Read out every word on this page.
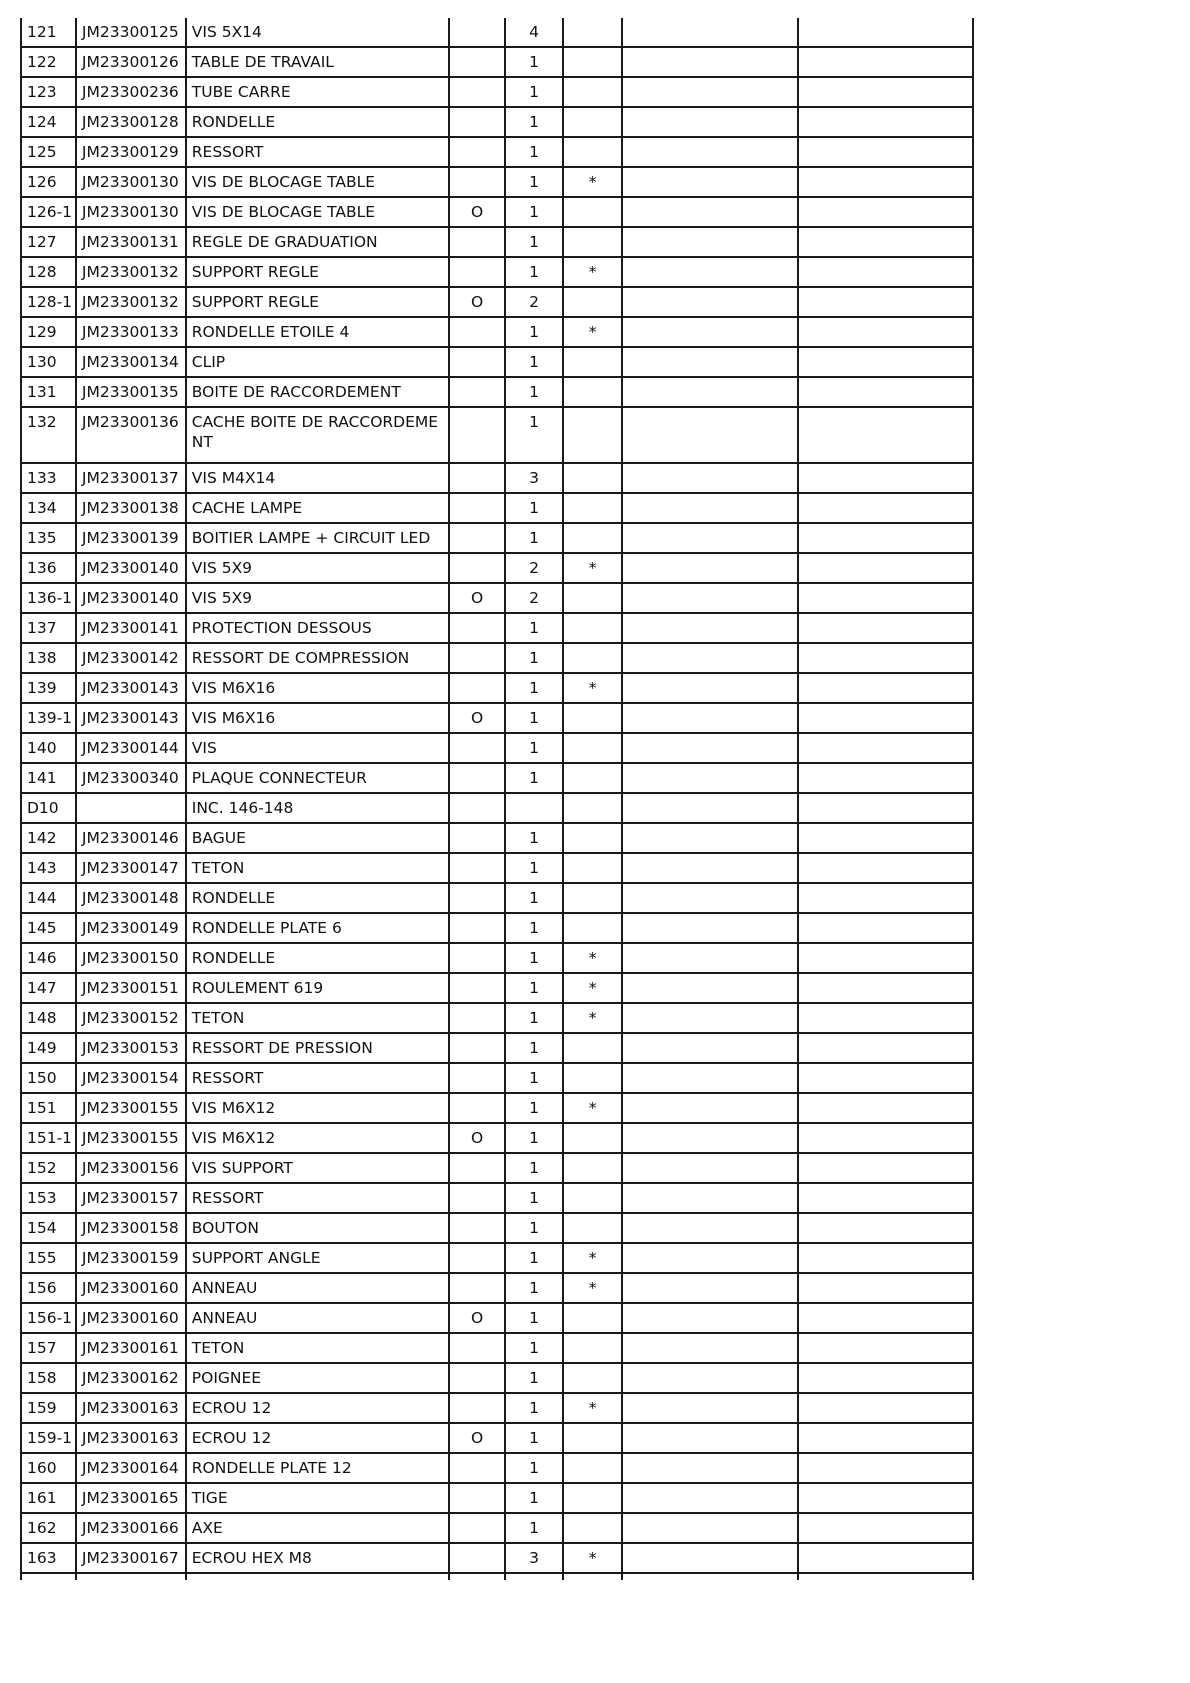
121	JM23300125	VIS 5X14		4			
122	JM23300126	TABLE DE TRAVAIL		1			
123	JM23300236	TUBE CARRE		1			
124	JM23300128	RONDELLE		1			
125	JM23300129	RESSORT		1			
126	JM23300130	VIS DE BLOCAGE TABLE		1	*		
126-1	JM23300130	VIS DE BLOCAGE TABLE	O	1			
127	JM23300131	REGLE DE GRADUATION		1			
128	JM23300132	SUPPORT REGLE		1	*		
128-1	JM23300132	SUPPORT REGLE	O	2			
129	JM23300133	RONDELLE ETOILE 4		1	*		
130	JM23300134	CLIP		1			
131	JM23300135	BOITE DE RACCORDEMENT		1			
132	JM23300136	CACHE BOITE DE RACCORDEMENT		1			
133	JM23300137	VIS M4X14		3			
134	JM23300138	CACHE LAMPE		1			
135	JM23300139	BOITIER LAMPE + CIRCUIT LED		1			
136	JM23300140	VIS 5X9		2	*		
136-1	JM23300140	VIS 5X9	O	2			
137	JM23300141	PROTECTION DESSOUS		1			
138	JM23300142	RESSORT DE COMPRESSION		1			
139	JM23300143	VIS M6X16		1	*		
139-1	JM23300143	VIS M6X16	O	1			
140	JM23300144	VIS		1			
141	JM23300340	PLAQUE CONNECTEUR		1			
D10		INC. 146-148					
142	JM23300146	BAGUE		1			
143	JM23300147	TETON		1			
144	JM23300148	RONDELLE		1			
145	JM23300149	RONDELLE PLATE 6		1			
146	JM23300150	RONDELLE		1	*		
147	JM23300151	ROULEMENT 619		1	*		
148	JM23300152	TETON		1	*		
149	JM23300153	RESSORT DE PRESSION		1			
150	JM23300154	RESSORT		1			
151	JM23300155	VIS M6X12		1	*		
151-1	JM23300155	VIS M6X12	O	1			
152	JM23300156	VIS SUPPORT		1			
153	JM23300157	RESSORT		1			
154	JM23300158	BOUTON		1			
155	JM23300159	SUPPORT ANGLE		1	*		
156	JM23300160	ANNEAU		1	*		
156-1	JM23300160	ANNEAU	O	1			
157	JM23300161	TETON		1			
158	JM23300162	POIGNEE		1			
159	JM23300163	ECROU 12		1	*		
159-1	JM23300163	ECROU 12	O	1			
160	JM23300164	RONDELLE PLATE 12		1			
161	JM23300165	TIGE		1			
162	JM23300166	AXE		1			
163	JM23300167	ECROU HEX M8		3	*		
